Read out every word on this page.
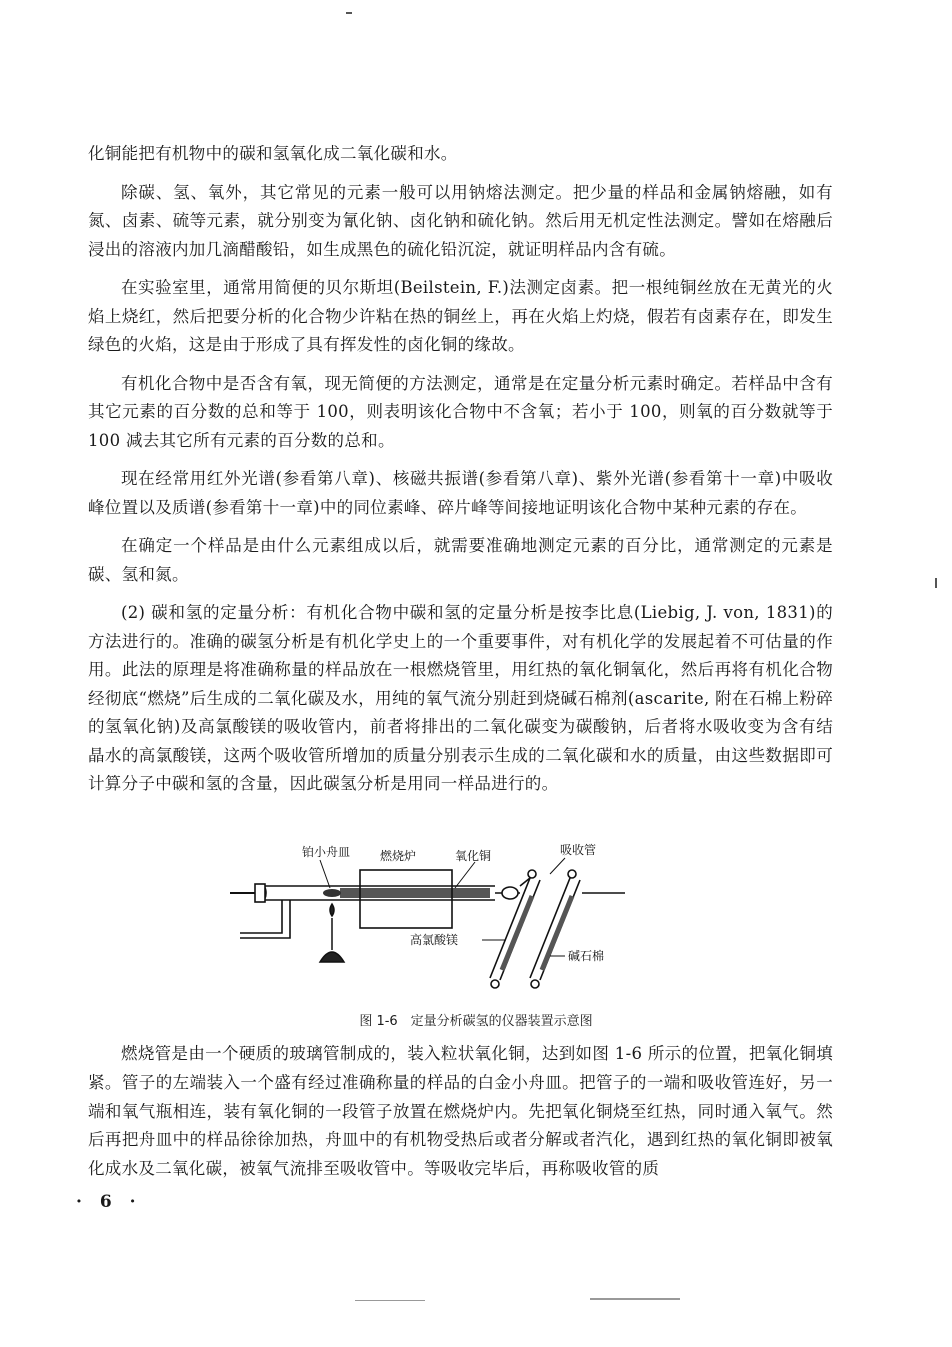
化铜能把有机物中的碳和氢氧化成二氧化碳和水。

除碳、氢、氧外，其它常见的元素一般可以用钠熔法测定。把少量的样品和金属钠熔融，如有氮、卤素、硫等元素，就分别变为氰化钠、卤化钠和硫化钠。然后用无机定性法测定。譬如在熔融后浸出的溶液内加几滴醋酸铅，如生成黑色的硫化铅沉淀，就证明样品内含有硫。

在实验室里，通常用简便的贝尔斯坦(Beilstein, F.)法测定卤素。把一根纯铜丝放在无黄光的火焰上烧红，然后把要分析的化合物少许粘在热的铜丝上，再在火焰上灼烧，假若有卤素存在，即发生绿色的火焰，这是由于形成了具有挥发性的卤化铜的缘故。

有机化合物中是否含有氧，现无简便的方法测定，通常是在定量分析元素时确定。若样品中含有其它元素的百分数的总和等于 100，则表明该化合物中不含氧；若小于 100，则氧的百分数就等于 100 减去其它所有元素的百分数的总和。

现在经常用红外光谱(参看第八章)、核磁共振谱(参看第八章)、紫外光谱(参看第十一章)中吸收峰位置以及质谱(参看第十一章)中的同位素峰、碎片峰等间接地证明该化合物中某种元素的存在。

在确定一个样品是由什么元素组成以后，就需要准确地测定元素的百分比，通常测定的元素是碳、氢和氮。

(2) 碳和氢的定量分析：有机化合物中碳和氢的定量分析是按李比息(Liebig, J. von, 1831)的方法进行的。准确的碳氢分析是有机化学史上的一个重要事件，对有机化学的发展起着不可估量的作用。此法的原理是将准确称量的样品放在一根燃烧管里，用红热的氧化铜氧化，然后再将有机化合物经彻底“燃烧”后生成的二氧化碳及水，用纯的氧气流分别赶到烧碱石棉剂(ascarite, 附在石棉上粉碎的氢氧化钠)及高氯酸镁的吸收管内，前者将排出的二氧化碳变为碳酸钠，后者将水吸收变为含有结晶水的高氯酸镁，这两个吸收管所增加的质量分别表示生成的二氧化碳和水的质量，由这些数据即可计算分子中碳和氢的含量，因此碳氢分析是用同一样品进行的。

铂小舟皿 燃烧炉	氧化铜	吸收管
高氯酸镁
碱石棉
图 1-6　定量分析碳氢的仪器装置示意图

燃烧管是由一个硬质的玻璃管制成的，装入粒状氧化铜，达到如图 1-6 所示的位置，把氧化铜填紧。管子的左端装入一个盛有经过准确称量的样品的白金小舟皿。把管子的一端和吸收管连好，另一端和氧气瓶相连，装有氧化铜的一段管子放置在燃烧炉内。先把氧化铜烧至红热，同时通入氧气。然后再把舟皿中的样品徐徐加热，舟皿中的有机物受热后或者分解或者汽化，遇到红热的氧化铜即被氧化成水及二氧化碳，被氧气流排至吸收管中。等吸收完毕后，再称吸收管的质

· 6 ·
